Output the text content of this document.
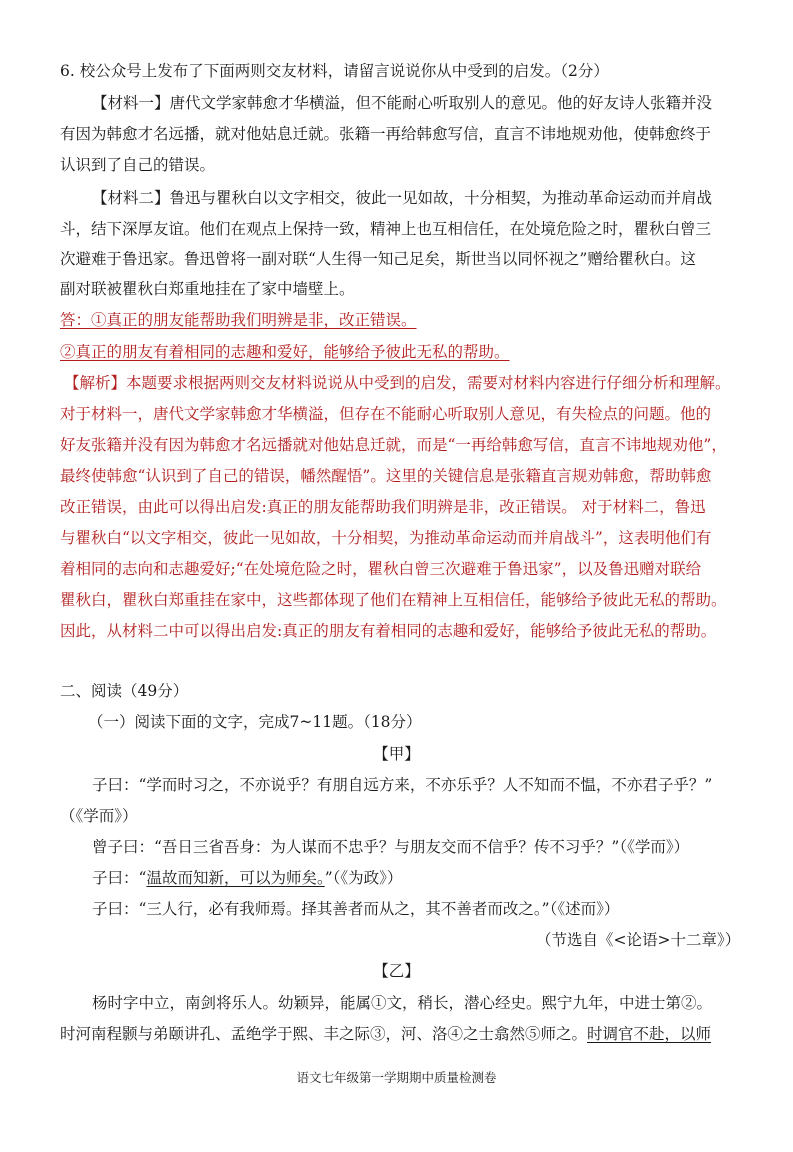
6. 校公众号上发布了下面两则交友材料，请留言说说你从中受到的启发。（2分）
【材料一】唐代文学家韩愈才华横溢，但不能耐心听取别人的意见。他的好友诗人张籍并没
有因为韩愈才名远播，就对他姑息迁就。张籍一再给韩愈写信，直言不讳地规劝他，使韩愈终于
认识到了自己的错误。
【材料二】鲁迅与瞿秋白以文字相交，彼此一见如故，十分相契，为推动革命运动而并肩战
斗，结下深厚友谊。他们在观点上保持一致，精神上也互相信任，在处境危险之时，瞿秋白曾三
次避难于鲁迅家。鲁迅曾将一副对联“人生得一知己足矣，斯世当以同怀视之”赠给瞿秋白。这
副对联被瞿秋白郑重地挂在了家中墙壁上。
答：①真正的朋友能帮助我们明辨是非，改正错误。
②真正的朋友有着相同的志趣和爱好，能够给予彼此无私的帮助。
【解析】本题要求根据两则交友材料说说从中受到的启发，需要对材料内容进行仔细分析和理解。
对于材料一，唐代文学家韩愈才华横溢，但存在不能耐心听取别人意见，有失检点的问题。他的
好友张籍并没有因为韩愈才名远播就对他姑息迁就，而是“一再给韩愈写信，直言不讳地规劝他”，
最终使韩愈“认识到了自己的错误，幡然醒悟”。这里的关键信息是张籍直言规劝韩愈，帮助韩愈
改正错误，由此可以得出启发:真正的朋友能帮助我们明辨是非，改正错误。 对于材料二，鲁迅
与瞿秋白“以文字相交，彼此一见如故，十分相契，为推动革命运动而并肩战斗”，这表明他们有
着相同的志向和志趣爱好;“在处境危险之时，瞿秋白曾三次避难于鲁迅家”，以及鲁迅赠对联给
瞿秋白，瞿秋白郑重挂在家中，这些都体现了他们在精神上互相信任，能够给予彼此无私的帮助。
因此，从材料二中可以得出启发:真正的朋友有着相同的志趣和爱好，能够给予彼此无私的帮助。
二、阅读（49分）
（一）阅读下面的文字，完成7~11题。（18分）
【甲】
子曰：“学而时习之，不亦说乎？有朋自远方来，不亦乐乎？人不知而不愠，不亦君子乎？”
（《学而》）
曾子曰：“吾日三省吾身：为人谋而不忠乎？与朋友交而不信乎？传不习乎？”（《学而》）
子曰：“温故而知新，可以为师矣。”（《为政》）
子曰：“三人行，必有我师焉。择其善者而从之，其不善者而改之。”（《述而》）
（节选自《<论语>十二章》）
【乙】
杨时字中立，南剑将乐人。幼颖异，能属①文，稍长，潜心经史。熙宁九年，中进士第②。
时河南程颢与弟颐讲孔、孟绝学于熙、丰之际③，河、洛④之士翕然⑤师之。时调官不赴，以师
语文七年级第一学期期中质量检测卷
